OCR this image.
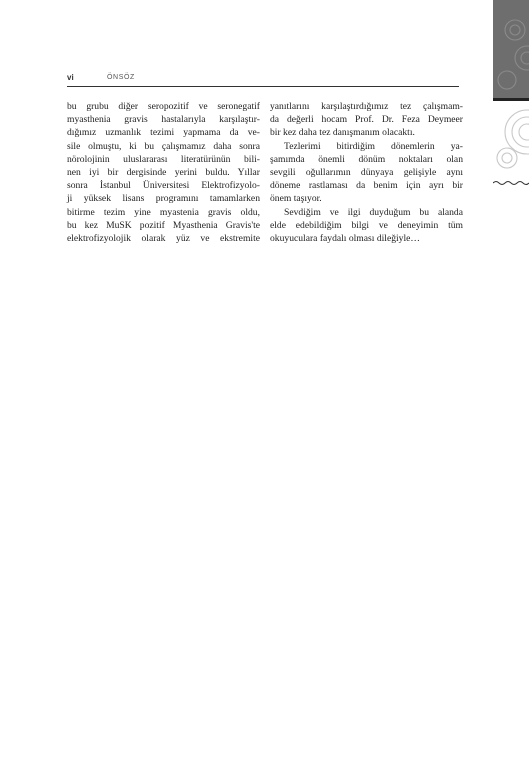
vi	ÖNSÖZ
bu grubu diğer seropozitif ve seronegatif
myasthenia gravis hastalarıyla karşılaştır-
dığımız uzmanlık tezimi yapmama da ve-
sile olmuştu, ki bu çalışmamız daha sonra
nörolojinin uluslararası literatürünün bili-
nen iyi bir dergisinde yerini buldu. Yıllar
sonra İstanbul Üniversitesi Elektrofizyolo-
ji yüksek lisans programını tamamlarken
bitirme tezim yine myastenia gravis oldu,
bu kez MuSK pozitif Myasthenia Gravis'te
elektrofizyolojik olarak yüz ve ekstremite
yanıtlarını karşılaştırdığımız tez çalışmam-
da değerli hocam Prof. Dr. Feza Deymeer
bir kez daha tez danışmanım olacaktı.
Tezlerimi bitirdiğim dönemlerin ya-
şamımda önemli dönüm noktaları olan
sevgili oğullarımın dünyaya gelişiyle aynı
döneme rastlaması da benim için ayrı bir
önem taşıyor.
Sevdiğim ve ilgi duyduğum bu alanda
elde edebildiğim bilgi ve deneyimin tüm
okuyuculara faydalı olması dileğiyle…
